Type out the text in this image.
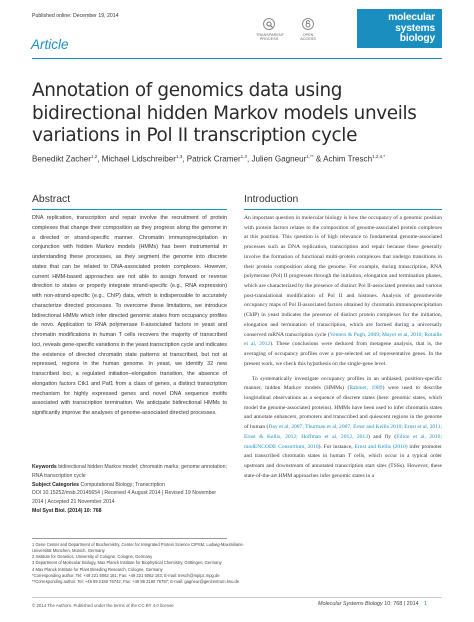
Published online: December 19, 2014
Article
TRANSPARENT PROCESS
OPEN ACCESS
molecular
systems
biology
Annotation of genomics data using bidirectional hidden Markov models unveils variations in Pol II transcription cycle
Benedikt Zacher$^{1,2}$, Michael Lidschreiber$^{1,3}$, Patrick Cramer$^{1,3}$, Julien Gagneur$^{1,**}$ & Achim Tresch$^{1,2,4,*}$
Abstract

DNA replication, transcription and repair involve the recruitment of protein complexes that change their composition as they progress along the genome in a directed or strand-specific manner. Chromatin immunoprecipitation in conjunction with hidden Markov models (HMMs) has been instrumental in understanding these processes, as they segment the genome into discrete states that can be related to DNA-associated protein complexes. However, current HMM-based approaches are not able to assign forward or reverse direction to states or properly integrate strand-specific (e.g., RNA expression) with non-strand-specific (e.g., ChIP) data, which is indispensable to accurately characterize directed processes. To overcome these limitations, we introduce bidirectional HMMs which infer directed genomic states from occupancy profiles de novo. Application to RNA polymerase II-associated factors in yeast and chromatin modifications in human T cells recovers the majority of transcribed loci, reveals gene-specific variations in the yeast transcription cycle and indicates the existence of directed chromatin state patterns at transcribed, but not at repressed, regions in the human genome. In yeast, we identify 32 new transcribed loci, a regulated initiation–elongation transition, the absence of elongation factors Ctk1 and Paf1 from a class of genes, a distinct transcription mechanism for highly expressed genes and novel DNA sequence motifs associated with transcription termination. We anticipate bidirectional HMMs to significantly improve the analyses of genome-associated directed processes.

Keywords bidirectional hidden Markov model; chromatin marks; genome annotation; RNA transcription cycle
Subject Categories Computational Biology; Transcription
DOI 10.15252/msb.20145654 | Received 4 August 2014 | Revised 19 November 2014 | Accepted 21 November 2014
Mol Syst Biol. (2014) 10: 768
Introduction

An important question in molecular biology is how the occupancy of a genomic position with protein factors relates to the composition of genome-associated protein complexes at this position. This question is of high relevance to fundamental genome-associated processes such as DNA replication, transcription and repair because these generally involve the formation of functional multi-protein complexes that undergo transitions in their protein composition along the genome. For example, during transcription, RNA polymerase (Pol) II progresses through the initiation, elongation and termination phases, which are characterized by the presence of distinct Pol II-associated proteins and various post-translational modification of Pol II and histones. Analysis of genomewide occupancy maps of Pol II-associated factors obtained by chromatin immunoprecipitation (ChIP) in yeast indicates the presence of distinct protein complexes for the initiation, elongation and termination of transcription, which are formed during a universally conserved mRNA transcription cycle (Venters & Pugh, 2009; Mayer et al, 2010; Rotaille et al, 2012). These conclusions were deduced from metagene analysis, that is, the averaging of occupancy profiles over a pre-selected set of representative genes. In the present work, we check this hypothesis on the single-gene level.

To systematically investigate occupancy profiles in an unbiased, position-specific manner, hidden Markov models (HMMs) (Rabiner, 1989) were used to describe longitudinal observations as a sequence of discrete states (here: genomic states, which model the genome-associated proteins). HMMs have been used to infer chromatin states and annotate enhancers, promoters and transcribed and quiescent regions in the genome of human (Day et al, 2007; Thurman et al, 2007; Ernst and Kellis 2010; Ernst et al, 2011; Ernst & Kellis, 2012; Hoffman et al, 2012, 2013) and fly (Filion et al, 2010; modENCODE Consortium, 2010). For instance, Ernst and Kellis (2010) infer promoter and transcribed chromatin states in human T cells, which occur in a typical order upstream and downstream of annotated transcription start sites (TSSs). However, these state-of-the-art HMM approaches infer genomic states in a

1 Gene Center and Department of Biochemistry, Center for Integrated Protein Science CIPSM, Ludwig-Maximilians-Universität München, Munich, Germany
2 Institute for Genetics, University of Cologne, Cologne, Germany
3 Department of Molecular Biology, Max Planck Institute for Biophysical Chemistry, Göttingen, Germany
4 Max Planck Institute for Plant Breeding Research, Cologne, Germany
*Corresponding author. Tel: +49 221 5062 161; Fax: +49 221 5062 163; E-mail: tresch@mpipz.mpg.de
**Corresponding author. Tel: +49 89 2180 76742; Fax: +49 89 2180 76797; E-mail: gagneur@genzentrum.lmu.de
© 2014 The Authors. Published under the terms of the CC BY 4.0 license	Molecular Systems Biology 10: 768 | 2014 1
